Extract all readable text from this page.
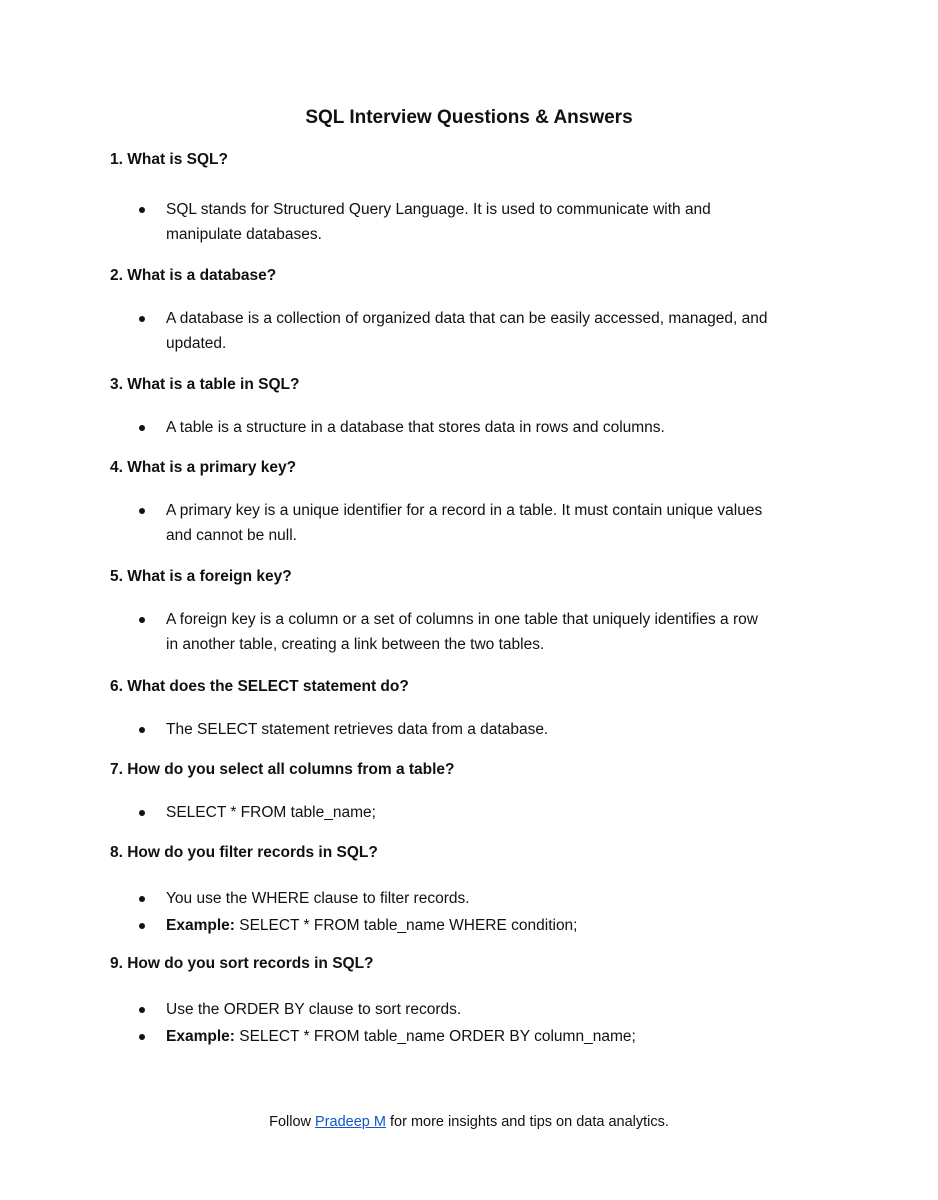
SQL Interview Questions & Answers

1. What is SQL?

SQL stands for Structured Query Language. It is used to communicate with and
manipulate databases.

2. What is a database?

A database is a collection of organized data that can be easily accessed, managed, and
updated.

3. What is a table in SQL?

A table is a structure in a database that stores data in rows and columns.

4. What is a primary key?

A primary key is a unique identifier for a record in a table. It must contain unique values
and cannot be null.

5. What is a foreign key?

A foreign key is a column or a set of columns in one table that uniquely identifies a row
in another table, creating a link between the two tables.

6. What does the SELECT statement do?

The SELECT statement retrieves data from a database.

7. How do you select all columns from a table?

SELECT * FROM table_name;

8. How do you filter records in SQL?

You use the WHERE clause to filter records.
Example: SELECT * FROM table_name WHERE condition;

9. How do you sort records in SQL?

Use the ORDER BY clause to sort records.
Example: SELECT * FROM table_name ORDER BY column_name;
Follow Pradeep M for more insights and tips on data analytics.
